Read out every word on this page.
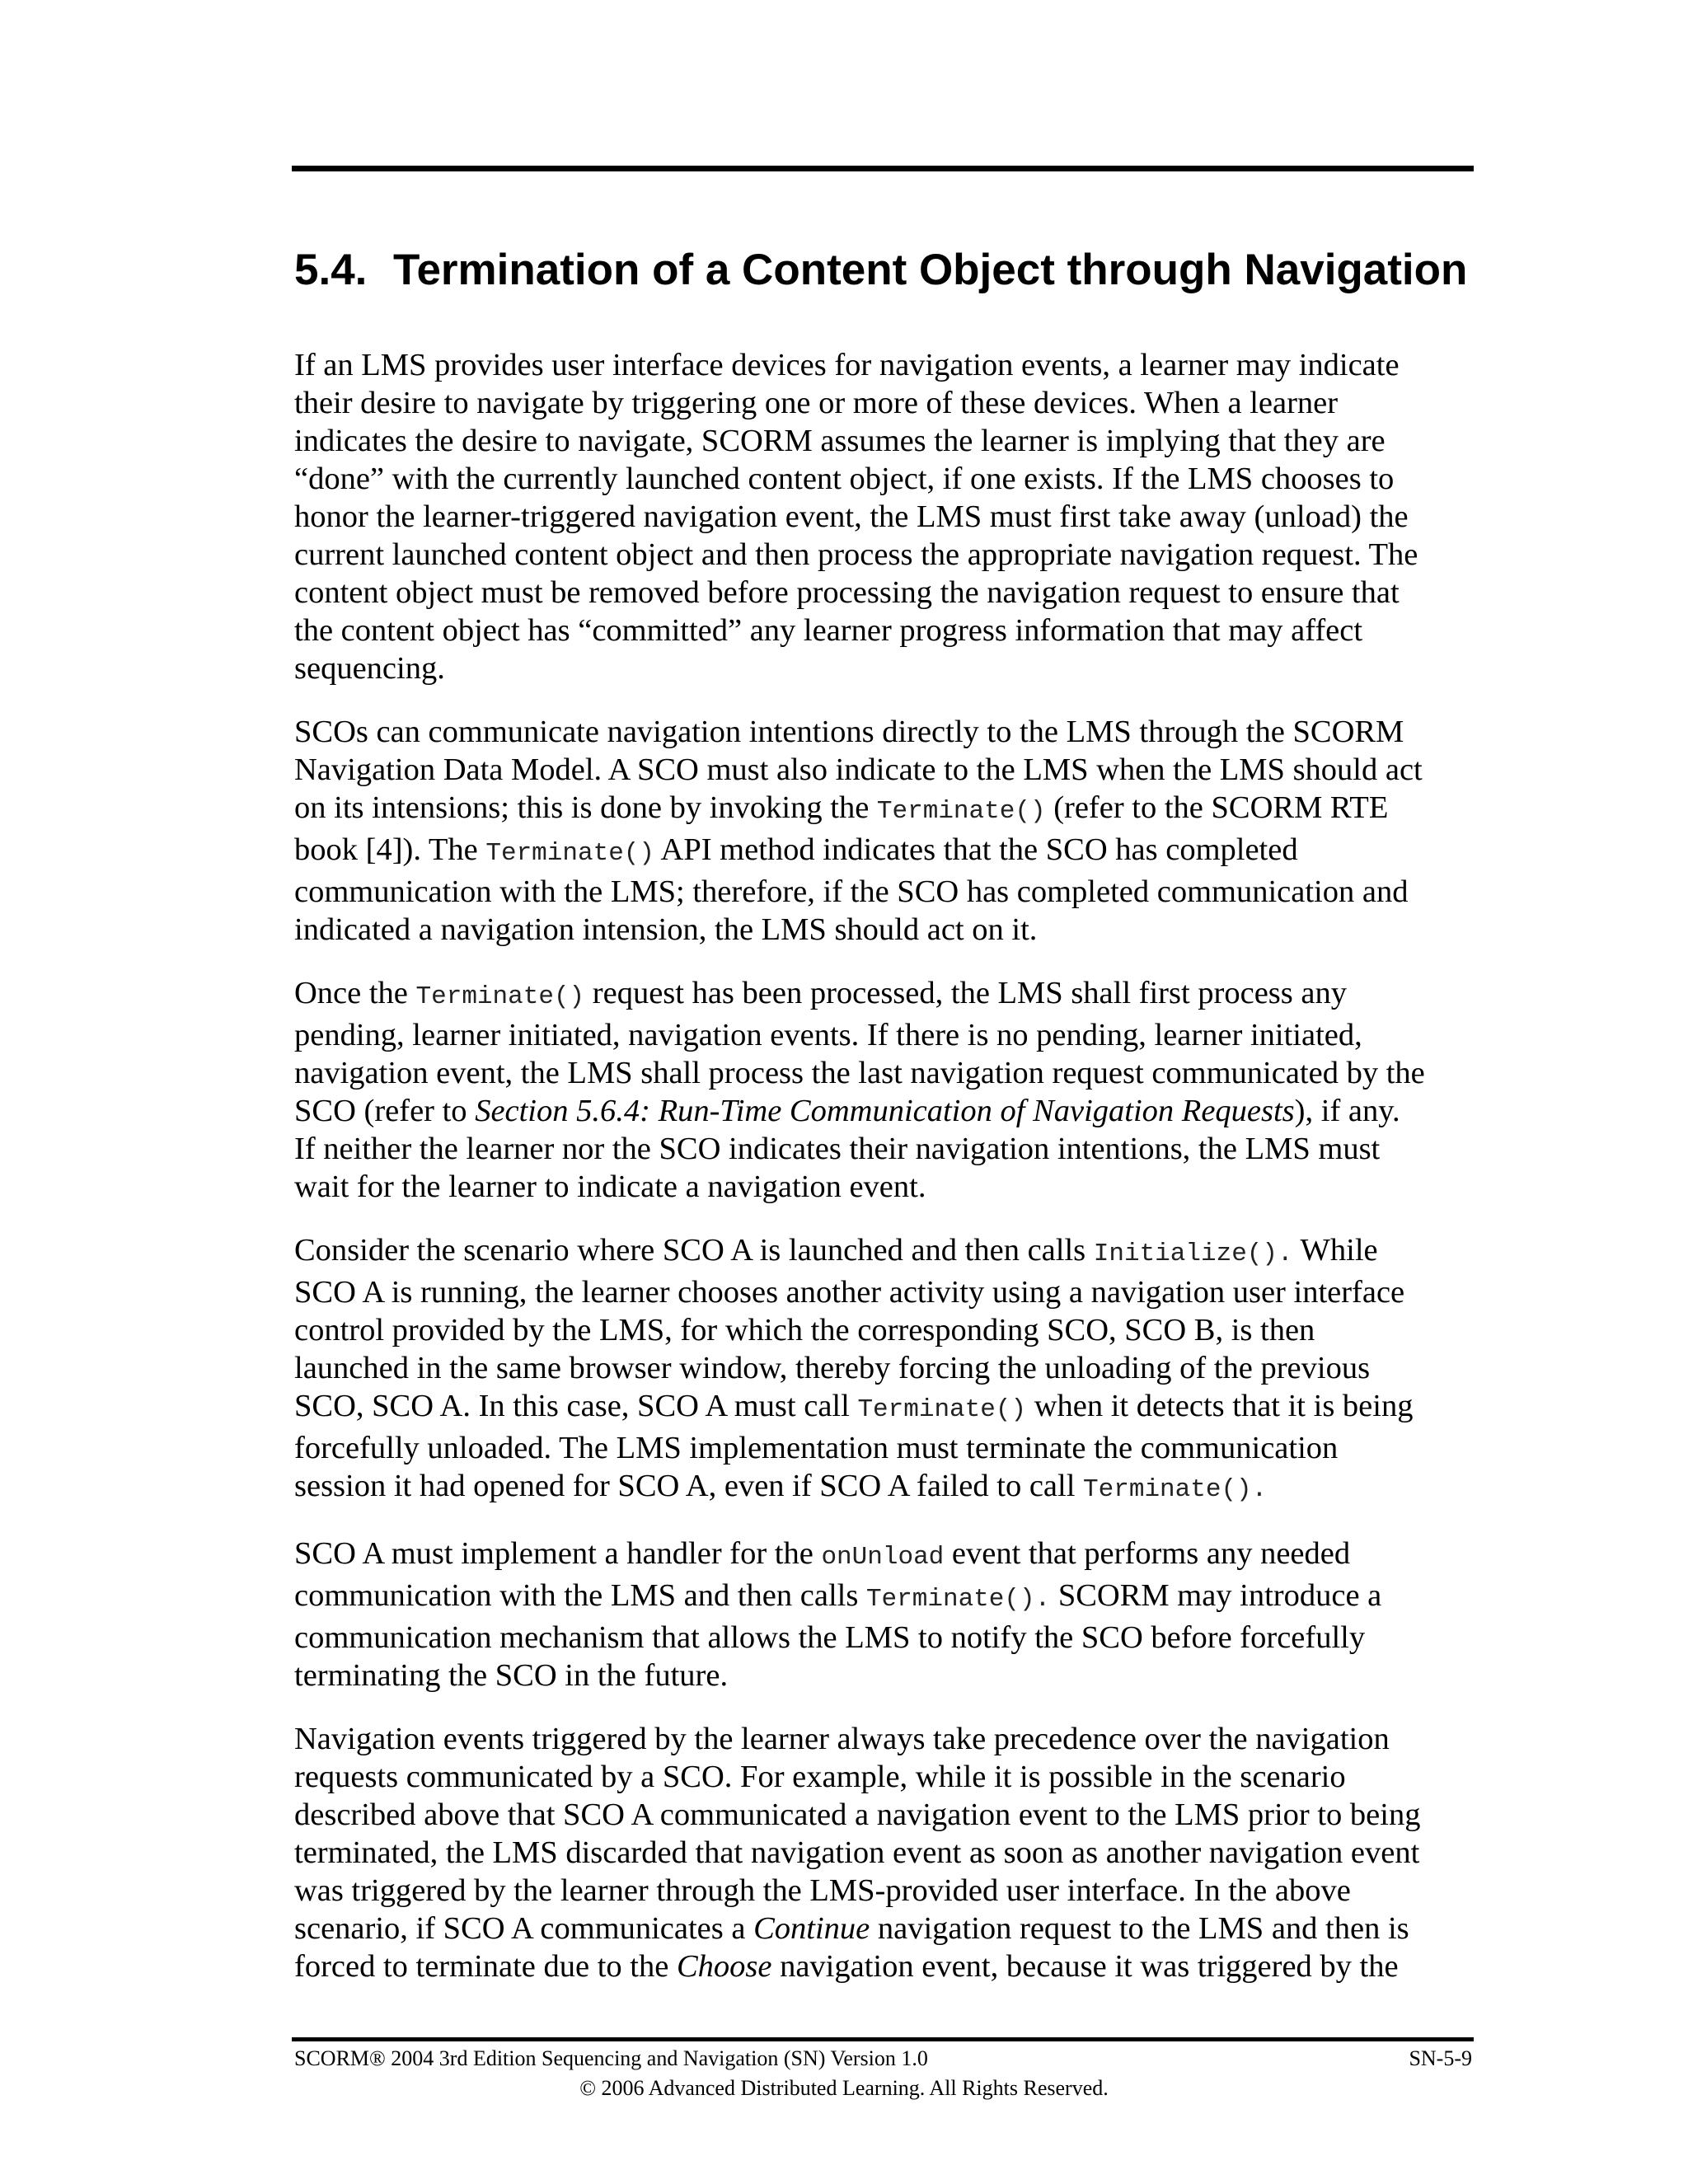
5.4. Termination of a Content Object through Navigation

If an LMS provides user interface devices for navigation events, a learner may indicate
their desire to navigate by triggering one or more of these devices. When a learner
indicates the desire to navigate, SCORM assumes the learner is implying that they are
“done” with the currently launched content object, if one exists. If the LMS chooses to
honor the learner-triggered navigation event, the LMS must first take away (unload) the
current launched content object and then process the appropriate navigation request. The
content object must be removed before processing the navigation request to ensure that
the content object has “committed” any learner progress information that may affect
sequencing.

SCOs can communicate navigation intentions directly to the LMS through the SCORM
Navigation Data Model. A SCO must also indicate to the LMS when the LMS should act
on its intensions; this is done by invoking the Terminate() (refer to the SCORM RTE
book [4]). The Terminate() API method indicates that the SCO has completed
communication with the LMS; therefore, if the SCO has completed communication and
indicated a navigation intension, the LMS should act on it.

Once the Terminate() request has been processed, the LMS shall first process any
pending, learner initiated, navigation events. If there is no pending, learner initiated,
navigation event, the LMS shall process the last navigation request communicated by the
SCO (refer to Section 5.6.4: Run-Time Communication of Navigation Requests), if any.
If neither the learner nor the SCO indicates their navigation intentions, the LMS must
wait for the learner to indicate a navigation event.

Consider the scenario where SCO A is launched and then calls Initialize(). While
SCO A is running, the learner chooses another activity using a navigation user interface
control provided by the LMS, for which the corresponding SCO, SCO B, is then
launched in the same browser window, thereby forcing the unloading of the previous
SCO, SCO A. In this case, SCO A must call Terminate() when it detects that it is being
forcefully unloaded. The LMS implementation must terminate the communication
session it had opened for SCO A, even if SCO A failed to call Terminate().

SCO A must implement a handler for the onUnload event that performs any needed
communication with the LMS and then calls Terminate(). SCORM may introduce a
communication mechanism that allows the LMS to notify the SCO before forcefully
terminating the SCO in the future.

Navigation events triggered by the learner always take precedence over the navigation
requests communicated by a SCO. For example, while it is possible in the scenario
described above that SCO A communicated a navigation event to the LMS prior to being
terminated, the LMS discarded that navigation event as soon as another navigation event
was triggered by the learner through the LMS-provided user interface. In the above
scenario, if SCO A communicates a Continue navigation request to the LMS and then is
forced to terminate due to the Choose navigation event, because it was triggered by the

SCORM® 2004 3rd Edition Sequencing and Navigation (SN) Version 1.0	SN-5-9
© 2006 Advanced Distributed Learning. All Rights Reserved.
